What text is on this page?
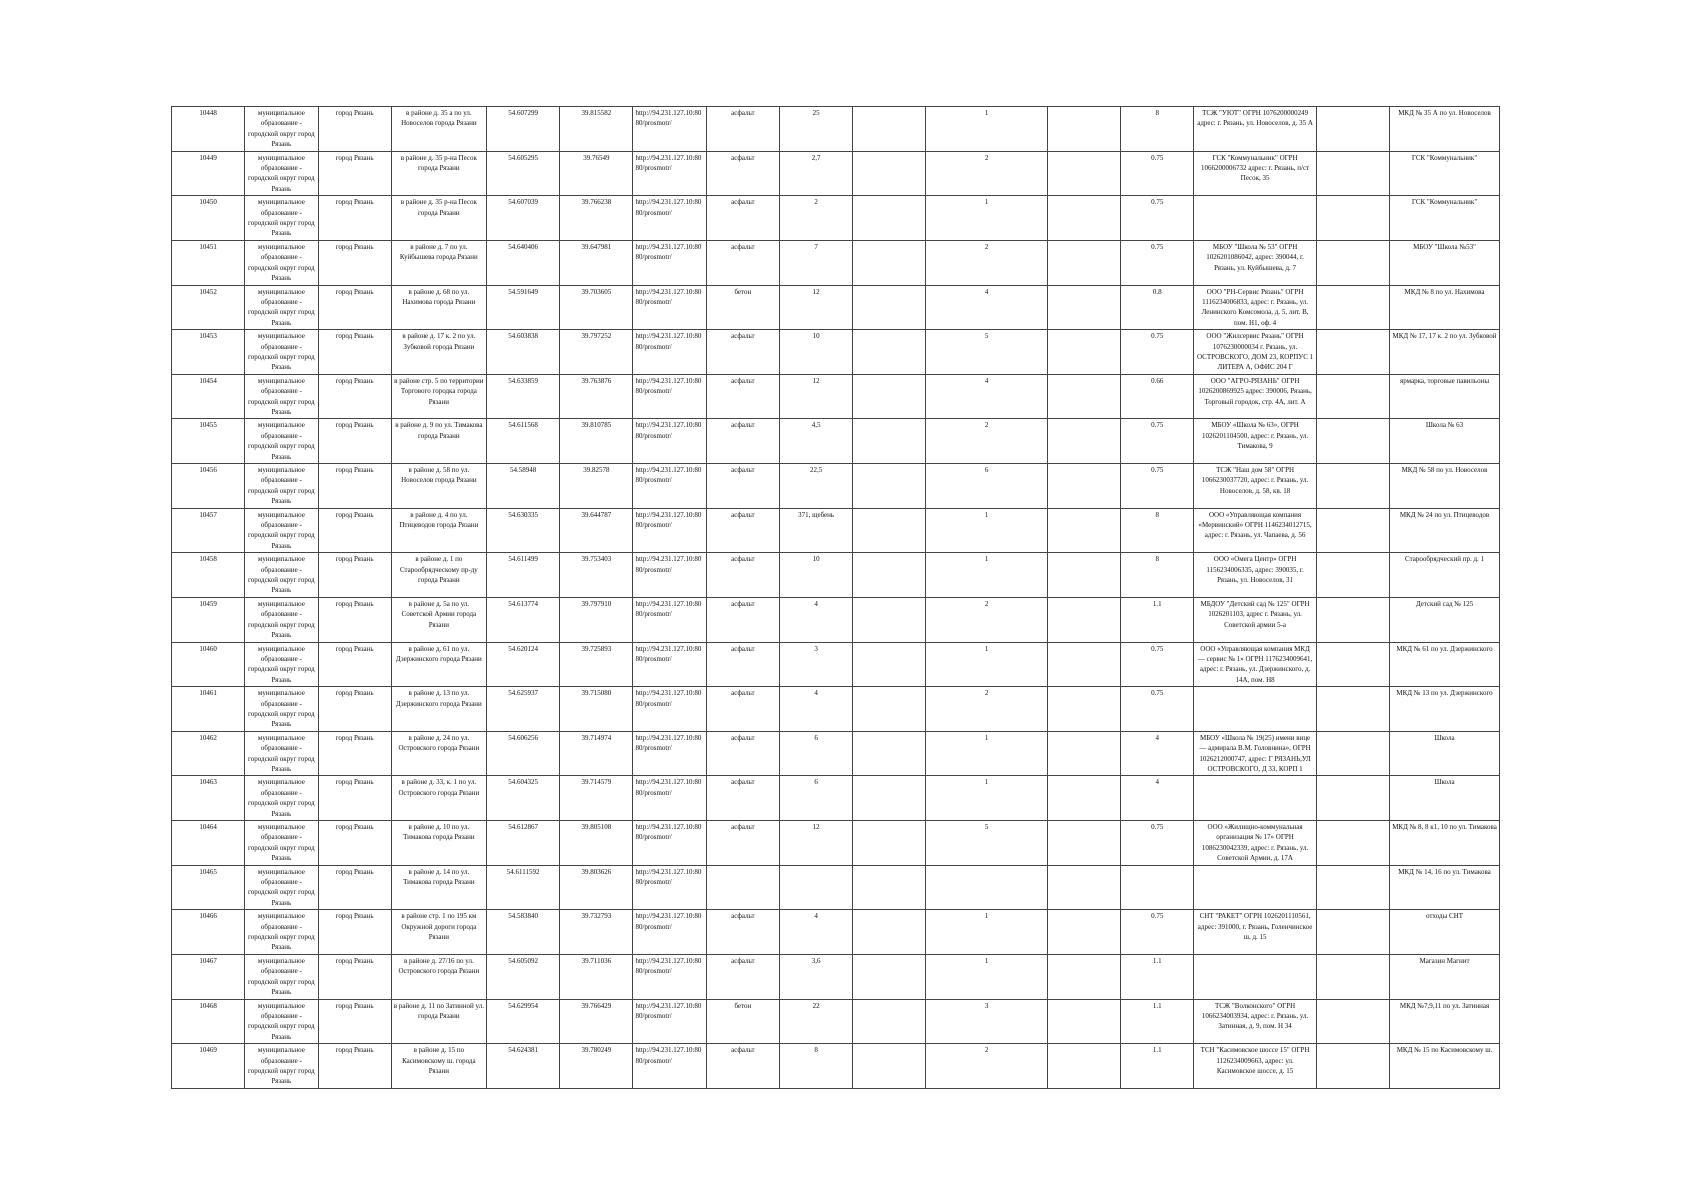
10448	муниципальное образование - городской округ город Рязань	город Рязань	в районе д. 35 а по ул. Новоселов города Рязани	54.607299	39.815582	http://94.231.127.10:8080/prosmotr/	асфальт	25		1		8	ТСЖ "УЮТ" ОГРН 1076200000249 адрес: г. Рязань, ул. Новоселов, д. 35 А		МКД № 35 А по ул. Новоселов
10449	муниципальное образование - городской округ город Рязань	город Рязань	в районе д. 35 р-на Песок города Рязани	54.605295	39.76549	http://94.231.127.10:8080/prosmotr/	асфальт	2,7		2		0.75	ГСК "Коммунальник" ОГРН 1066200006732 адрес: г. Рязань, п/ст Песок, 35		ГСК "Коммунальник"
10450	муниципальное образование - городской округ город Рязань	город Рязань	в районе д. 35 р-на Песок города Рязани	54.607039	39.766238	http://94.231.127.10:8080/prosmotr/	асфальт	2		1		0.75			ГСК "Коммунальник"
10451	муниципальное образование - городской округ город Рязань	город Рязань	в районе д. 7 по ул. Куйбышева города Рязани	54.640406	39.647981	http://94.231.127.10:8080/prosmotr/	асфальт	7		2		0.75	МБОУ "Школа № 53" ОГРН 1026201086042, адрес: 390044, г. Рязань, ул. Куйбышева, д. 7		МБОУ "Школа №53"
10452	муниципальное образование - городской округ город Рязань	город Рязань	в районе д. 68 по ул. Нахимова города Рязани	54.591649	39.703605	http://94.231.127.10:8080/prosmotr/	бетон	12		4		0.8	ООО "РН-Сервис Рязань" ОГРН 1116234006833, адрес: г. Рязань, ул. Ленинского Комсомола, д. 5, лит. В, пом. Н1, оф. 4		МКД № 8 по ул. Нахимова
10453	муниципальное образование - городской округ город Рязань	город Рязань	в районе д. 17 к. 2 по ул. Зубковой города Рязани	54.603838	39.797252	http://94.231.127.10:8080/prosmotr/	асфальт	10		5		0.75	ООО "Жилсервис Рязань" ОГРН 1076230000034 г. Рязань, ул. ОСТРОВСКОГО, ДОМ 23, КОРПУС 1 ЛИТЕРА А, ОФИС 204 Г		МКД № 17, 17 к. 2 по ул. Зубковой
10454	муниципальное образование - городской округ город Рязань	город Рязань	в районе стр. 5 по территории Торгового городка города Рязани	54.633859	39.763876	http://94.231.127.10:8080/prosmotr/	асфальт	12		4		0.66	ООО "АГРО-РЯЗАНЬ" ОГРН 1026200869925 адрес: 390006, Рязань, Торговый городок, стр. 4А, лит. А		ярмарка, торговые павильоны
10455	муниципальное образование - городской округ город Рязань	город Рязань	в районе д. 9 по ул. Тимакова города Рязани	54.611568	39.810785	http://94.231.127.10:8080/prosmotr/	асфальт	4,5		2		0.75	МБОУ «Школа № 63», ОГРН 1026201104500, адрес: г. Рязань, ул. Тимакова, 9		Школа № 63
10456	муниципальное образование - городской округ город Рязань	город Рязань	в районе д. 58 по ул. Новоселов города Рязани	54.58948	39.82578	http://94.231.127.10:8080/prosmotr/	асфальт	22,5		6		0.75	ТСЖ "Наш дом 58" ОГРН 1066230037720, адрес: г. Рязань, ул. Новоселов, д. 58, кв. 18		МКД № 58 по ул. Новоселов
10457	муниципальное образование - городской округ город Рязань	город Рязань	в районе д. 4 по ул. Птицеводов города Рязани	54.630335	39.644787	http://94.231.127.10:8080/prosmotr/	асфальт	371, щебень		1		8	ООО «Управляющая компания «Мервинский» ОГРН 1146234012715, адрес: г. Рязань, ул. Чапаева, д. 56		МКД № 24 по ул. Птицеводов
10458	муниципальное образование - городской округ город Рязань	город Рязань	в районе д. 1 по Старообрядческому пр-ду города Рязани	54.611499	39.753403	http://94.231.127.10:8080/prosmotr/	асфальт	10		1		8	ООО «Омега Центр» ОГРН 1156234006335, адрес: 390035, г. Рязань, ул. Новоселов, 31		Старообрядческий пр. д. 1
10459	муниципальное образование - городской округ город Рязань	город Рязань	в районе д. 5а по ул. Советской Армии города Рязани	54.613774	39.797910	http://94.231.127.10:8080/prosmotr/	асфальт	4		2		1.1	МБДОУ "Детский сад № 125" ОГРН 1026201103, адрес г. Рязань, ул. Советской армии 5-а		Детский сад № 125
10460	муниципальное образование - городской округ город Рязань	город Рязань	в районе д. 61 по ул. Дзержинского города Рязани	54.620124	39.725893	http://94.231.127.10:8080/prosmotr/	асфальт	3		1		0.75	ООО «Управляющая компания МКД — сервис № 1» ОГРН 1176234009641, адрес: г. Рязань, ул. Дзержинского, д. 14А, пом. Н8		МКД № 61 по ул. Дзержинского
10461	муниципальное образование - городской округ город Рязань	город Рязань	в районе д. 13 по ул. Дзержинского города Рязани	54.625937	39.715080	http://94.231.127.10:8080/prosmotr/	асфальт	4		2		0.75			МКД № 13 по ул. Дзержинского
10462	муниципальное образование - городской округ город Рязань	город Рязань	в районе д. 24 по ул. Островского города Рязани	54.606256	39.714974	http://94.231.127.10:8080/prosmotr/	асфальт	6		1		4	МБОУ «Школа № 19(25) имени вице — адмирала В.М. Головнина», ОГРН 1026212000747, адрес: Г РЯЗАНЬ,УЛ ОСТРОВСКОГО, Д 33, КОРП 1		Школа
10463	муниципальное образование - городской округ город Рязань	город Рязань	в районе д. 33, к. 1 по ул. Островского города Рязани	54.604325	39.714579	http://94.231.127.10:8080/prosmotr/	асфальт	6		1		4			Школа
10464	муниципальное образование - городской округ город Рязань	город Рязань	в районе д. 10 по ул. Тимакова города Рязани	54.612867	39.805108	http://94.231.127.10:8080/prosmotr/	асфальт	12		5		0.75	ООО «Жилищно-коммунальная организация № 17» ОГРН 1086230042339, адрес: г. Рязань, ул. Советской Армии, д. 17А		МКД № 8, 8 к1, 10 по ул. Тимакова
10465	муниципальное образование - городской округ город Рязань	город Рязань	в районе д. 14 по ул. Тимакова города Рязани	54.6111592	39.803626	http://94.231.127.10:8080/prosmotr/									МКД № 14, 16 по ул. Тимакова
10466	муниципальное образование - городской округ город Рязань	город Рязань	в районе стр. 1 по 195 км Окружной дороги города Рязани	54.583840	39.732793	http://94.231.127.10:8080/prosmotr/	асфальт	4		1		0.75	СНТ "РАКЕТ" ОГРН 1026201110561, адрес: 391000, г. Рязань, Голенчинское ш, д. 15		отходы СНТ
10467	муниципальное образование - городской округ город Рязань	город Рязань	в районе д. 27/16 по ул. Островского города Рязани	54.605092	39.711036	http://94.231.127.10:8080/prosmotr/	асфальт	3,6		1		1.1			Магазин Магнит
10468	муниципальное образование - городской округ город Рязань	город Рязань	в районе д. 11 по Затинной ул. города Рязани	54.629954	39.766429	http://94.231.127.10:8080/prosmotr/	бетон	22		3		1.1	ТСЖ "Волконского" ОГРН 1066234003934, адрес: г. Рязань, ул. Затинная, д. 9, пом. Н 34		МКД №7,9,11 по ул. Затинная
10469	муниципальное образование - городской округ город Рязань	город Рязань	в районе д. 15 по Касимовскому ш. города Рязани	54.624381	39.780249	http://94.231.127.10:8080/prosmotr/	асфальт	8		2		1.1	ТСН "Касимовское шоссе 15" ОГРН 1126234009663, адрес: ул. Касимовское шоссе, д. 15		МКД № 15 по Касимовскому ш.
